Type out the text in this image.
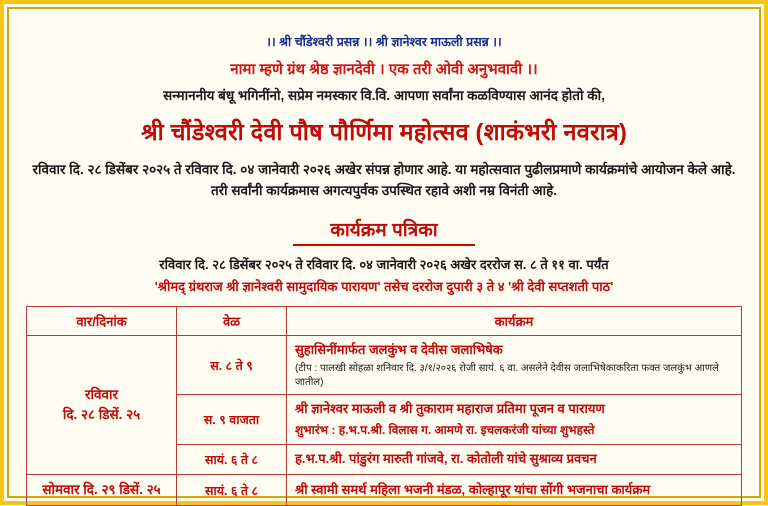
।। श्री चौंडेश्वरी प्रसन्न ।। श्री ज्ञानेश्वर माऊली प्रसन्न ।।
नामा म्हणे ग्रंथ श्रेष्ठ ज्ञानदेवी । एक तरी ओवी अनुभवावी ।।
सन्माननीय बंधू भगिनींनो, सप्रेम नमस्कार वि.वि. आपणा सर्वांना कळविण्यास आनंद होतो की,
श्री चौंडेश्वरी देवी पौष पौर्णिमा महोत्सव (शाकंभरी नवरात्र)
रविवार दि. २८ डिसेंबर २०२५ ते रविवार दि. ०४ जानेवारी २०२६ अखेर संपन्न होणार आहे. या महोत्सवात पुढीलप्रमाणे कार्यक्रमांचे आयोजन केले आहे. तरी सर्वांनी कार्यक्रमास अगत्यपुर्वक उपस्थित रहावे अशी नम्र विनंती आहे.
कार्यक्रम पत्रिका
रविवार दि. २८ डिसेंबर २०२५ ते रविवार दि. ०४ जानेवारी २०२६ अखेर दररोज स. ८ ते ११ वा. पर्यंत
'श्रीमद् ग्रंथराज श्री ज्ञानेश्वरी सामुदायिक पारायण' तसेच दररोज दुपारी ३ ते ४ 'श्री देवी सप्तशती पाठ'
वार/दिनांक	वेळ	कार्यक्रम

रविवार
दि. २८ डिसें. २५	स. ८ ते ९	सुहासिनींमार्फत जलकुंभ व देवीस जलाभिषेक
(टीप : पालखी सोहळा शनिवार दि. ३/१/२०२६ रोजी सायं. ६ वा. असलेने देवीस जलाभिषेकाकरिता फक्त जलकुंभ आणले जातील)

	स. ९ वाजता	श्री ज्ञानेश्वर माऊली व श्री तुकाराम महाराज प्रतिमा पूजन व पारायण
शुभारंभ : ह.भ.प.श्री. विलास ग. आमणे रा. इचलकरंजी यांच्या शुभहस्ते

	सायं. ६ ते ८	ह.भ.प.श्री. पांडुरंग मारुती गांजवे, रा. कोतोली यांचे सुश्राव्य प्रवचन

सोमवार दि. २९ डिसें. २५	सायं. ६ ते ८	श्री स्वामी समर्थ महिला भजनी मंडळ, कोल्हापूर यांचा सोंगी भजनाचा कार्यक्रम
